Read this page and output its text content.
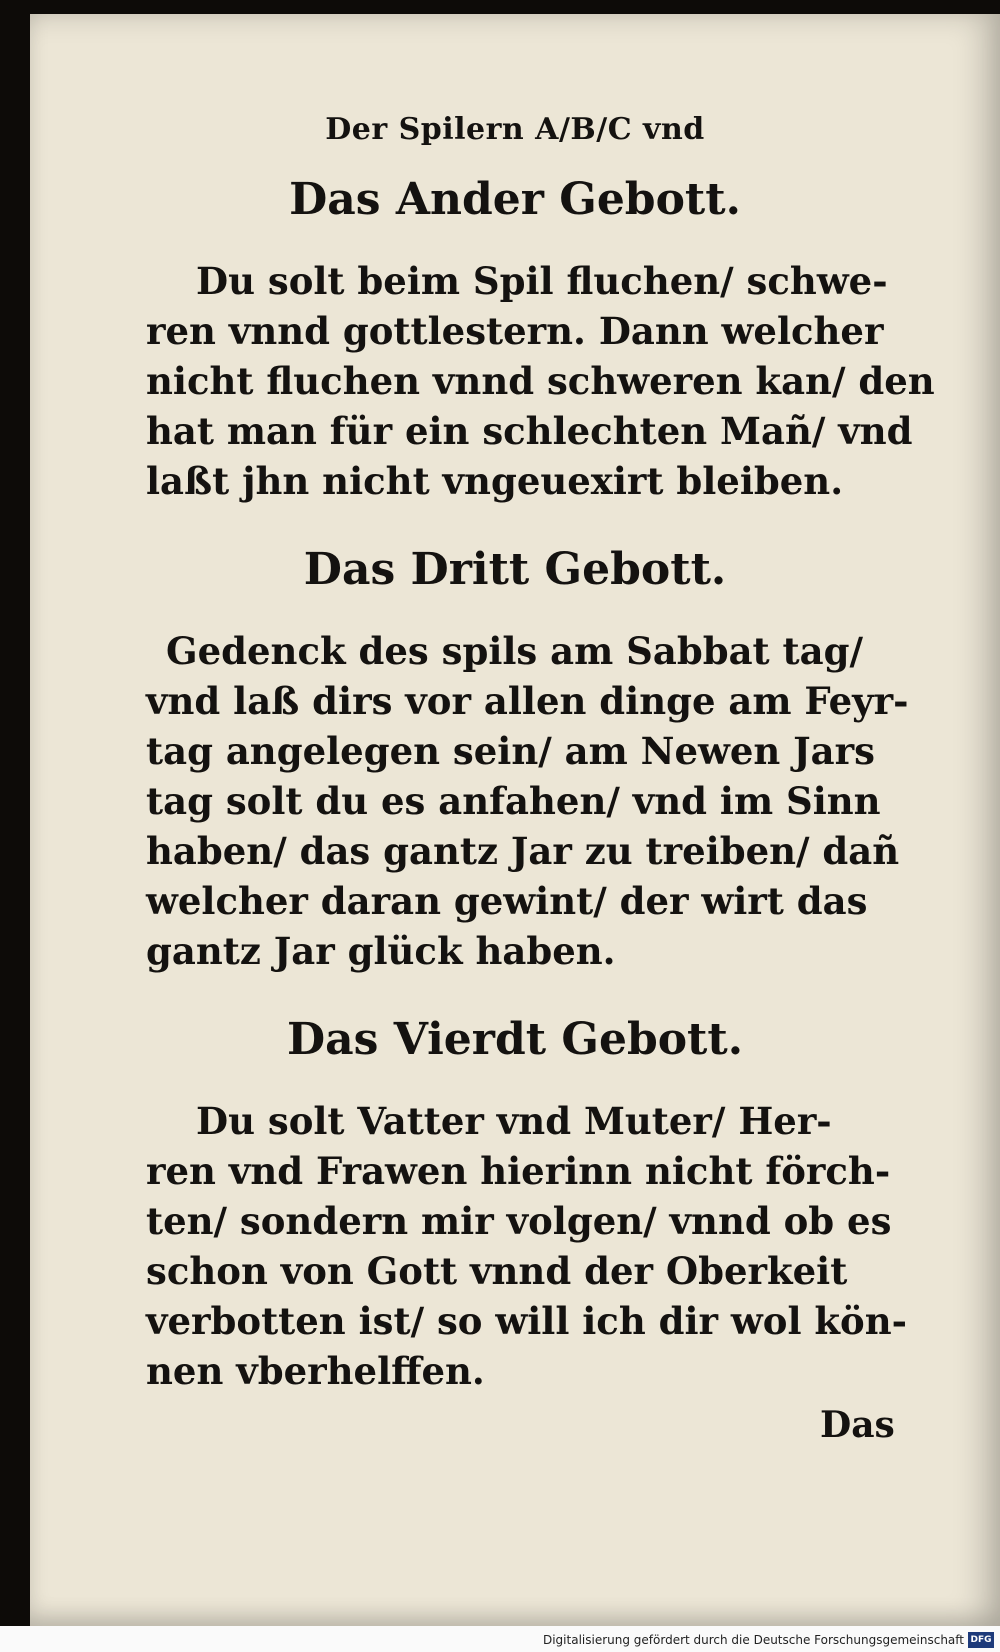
Der Spilern A/B/C vnd
Das Ander Gebott.
Du solt beim Spil fluchen/ schwe-
ren vnnd gottlestern. Dann welcher
nicht fluchen vnnd schweren kan/ den
hat man für ein schlechten Mañ/ vnd
laßt jhn nicht vngeuexirt bleiben.
Das Dritt Gebott.
Gedenck des spils am Sabbat tag/
vnd laß dirs vor allen dinge am Feyr-
tag angelegen sein/ am Newen Jars
tag solt du es anfahen/ vnd im Sinn
haben/ das gantz Jar zu treiben/ dañ
welcher daran gewint/ der wirt das
gantz Jar glück haben.
Das Vierdt Gebott.
Du solt Vatter vnd Muter/ Her-
ren vnd Frawen hierinn nicht förch-
ten/ sondern mir volgen/ vnnd ob es
schon von Gott vnnd der Oberkeit
verbotten ist/ so will ich dir wol kön-
nen vberhelffen.
Das
Digitalisierung gefördert durch die Deutsche Forschungsgemeinschaft DFG
